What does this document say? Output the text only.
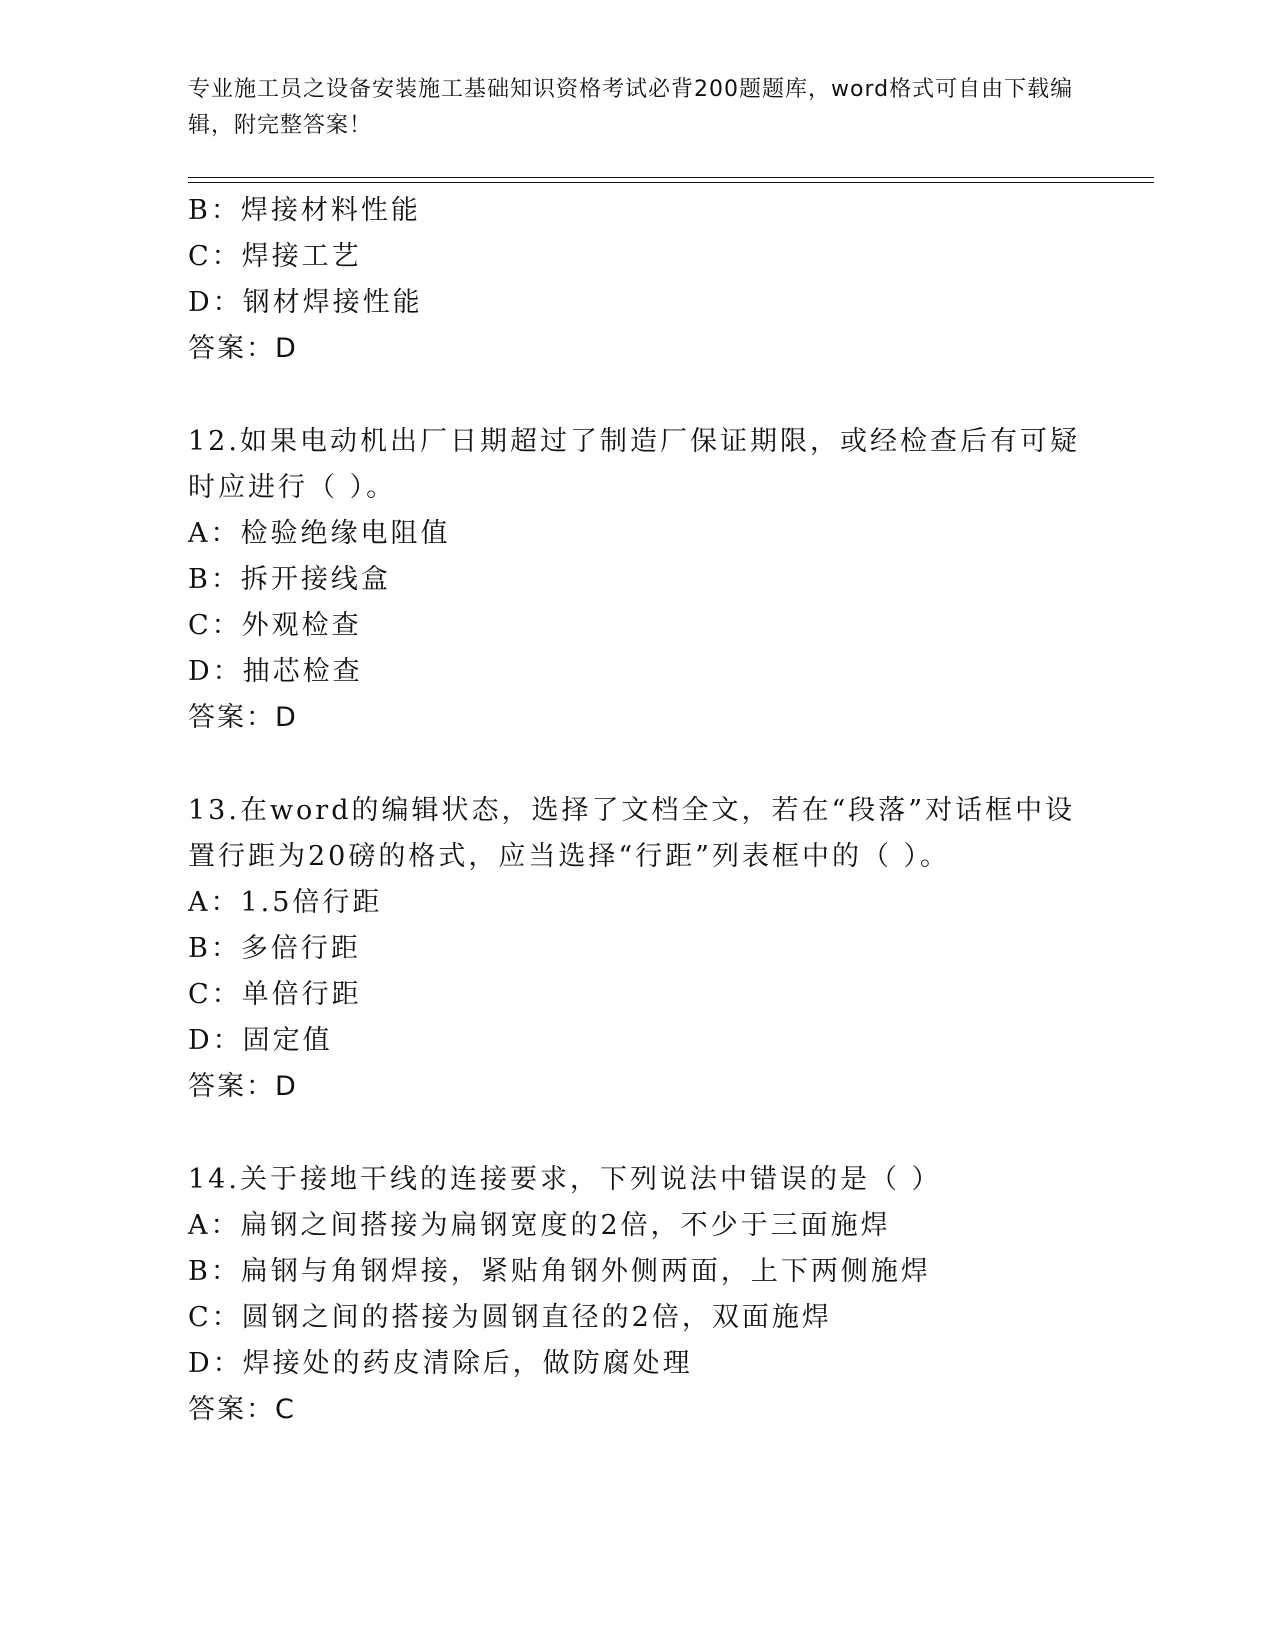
专业施工员之设备安装施工基础知识资格考试必背200题题库，word格式可自由下载编辑，附完整答案！
B：焊接材料性能
C：焊接工艺
D：钢材焊接性能
答案：D
12.如果电动机出厂日期超过了制造厂保证期限，或经检查后有可疑时应进行（ ）。
A：检验绝缘电阻值
B：拆开接线盒
C：外观检查
D：抽芯检查
答案：D
13.在word的编辑状态，选择了文档全文，若在“段落”对话框中设置行距为20磅的格式，应当选择“行距”列表框中的（ ）。
A：1.5倍行距
B：多倍行距
C：单倍行距
D：固定值
答案：D
14.关于接地干线的连接要求，下列说法中错误的是（ ）
A：扁钢之间搭接为扁钢宽度的2倍，不少于三面施焊
B：扁钢与角钢焊接，紧贴角钢外侧两面，上下两侧施焊
C：圆钢之间的搭接为圆钢直径的2倍，双面施焊
D：焊接处的药皮清除后，做防腐处理
答案：C
